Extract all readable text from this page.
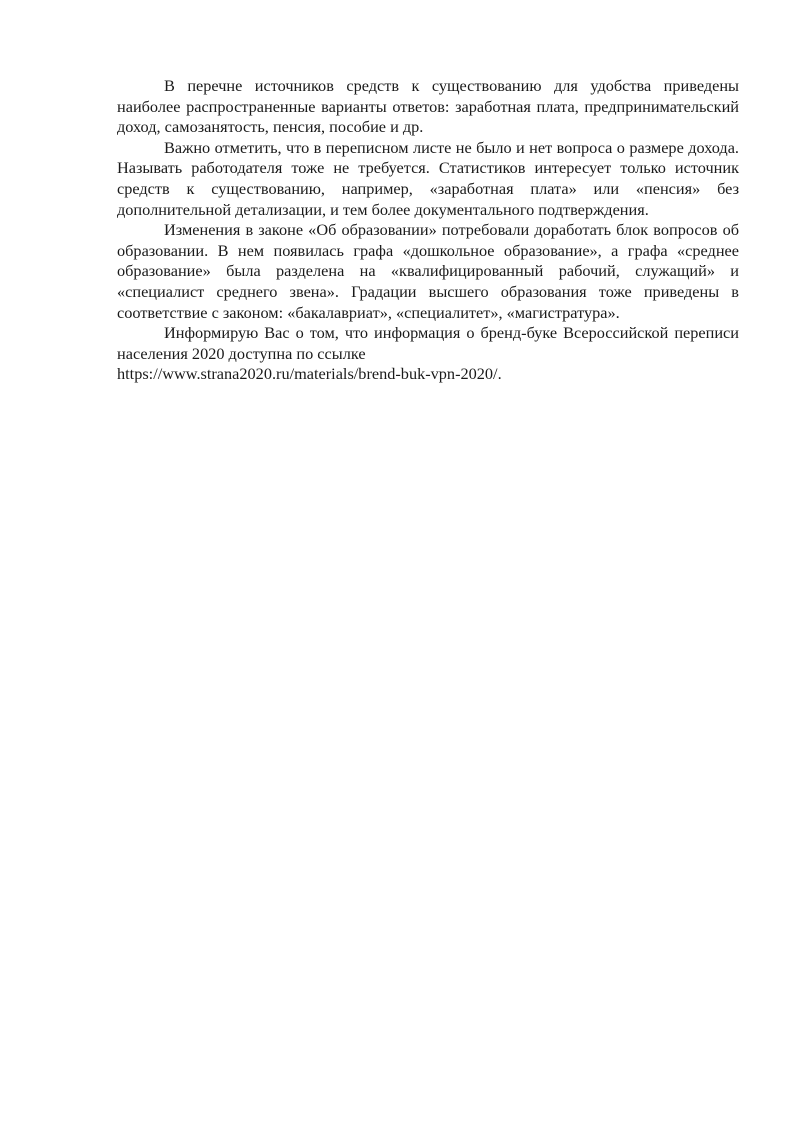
В перечне источников средств к существованию для удобства приведены наиболее распространенные варианты ответов: заработная плата, предпринимательский доход, самозанятость, пенсия, пособие и др.

Важно отметить, что в переписном листе не было и нет вопроса о размере дохода. Называть работодателя тоже не требуется. Статистиков интересует только источник средств к существованию, например, «заработная плата» или «пенсия» без дополнительной детализации, и тем более документального подтверждения.

Изменения в законе «Об образовании» потребовали доработать блок вопросов об образовании. В нем появилась графа «дошкольное образование», а графа «среднее образование» была разделена на «квалифицированный рабочий, служащий» и «специалист среднего звена». Градации высшего образования тоже приведены в соответствие с законом: «бакалавриат», «специалитет», «магистратура».

Информирую Вас о том, что информация о бренд-буке Всероссийской переписи населения 2020 доступна по ссылке
https://www.strana2020.ru/materials/brend-buk-vpn-2020/.
